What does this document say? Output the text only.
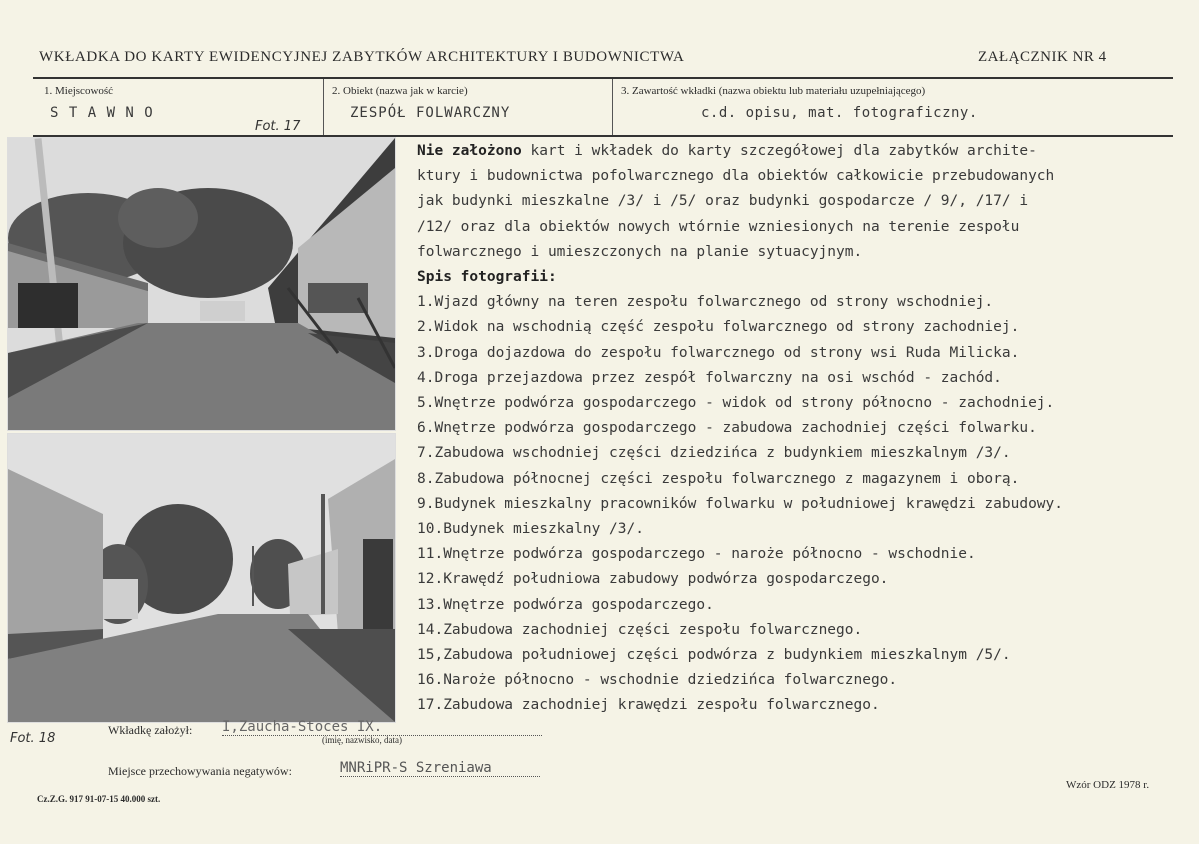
WKŁADKA DO KARTY EWIDENCYJNEJ ZABYTKÓW ARCHITEKTURY I BUDOWNICTWA	ZAŁĄCZNIK NR 4
1. Miejscowość
S T A W N O
Fot. 17
2. Obiekt (nazwa jak w karcie)
ZESPÓŁ FOLWARCZNY
3. Zawartość wkładki (nazwa obiektu lub materiału uzupełniającego)
c.d. opisu, mat. fotograficzny.
Nie założono kart i wkładek do karty szczegółowej dla zabytków archite-
ktury i budownictwa pofolwarcznego dla obiektów całkowicie przebudowanych
jak budynki mieszkalne /3/ i /5/ oraz budynki gospodarcze / 9/, /17/ i
/12/ oraz dla obiektów nowych wtórnie wzniesionych na terenie zespołu
folwarcznego i umieszczonych na planie sytuacyjnym.
Spis fotografii:
1.Wjazd główny na teren zespołu folwarcznego od strony wschodniej.
2.Widok na wschodnią część zespołu folwarcznego od strony zachodniej.
3.Droga dojazdowa do zespołu folwarcznego od strony wsi Ruda Milicka.
4.Droga przejazdowa przez zespół folwarczny na osi wschód - zachód.
5.Wnętrze podwórza gospodarczego - widok od strony północno - zachodniej.
6.Wnętrze podwórza gospodarczego - zabudowa zachodniej części folwarku.
7.Zabudowa wschodniej części dziedzińca z budynkiem mieszkalnym /3/.
8.Zabudowa północnej części zespołu folwarcznego z magazynem i oborą.
9.Budynek mieszkalny pracowników folwarku w południowej krawędzi zabudowy.
10.Budynek mieszkalny /3/.
11.Wnętrze podwórza gospodarczego - naroże północno - wschodnie.
12.Krawędź południowa zabudowy podwórza gospodarczego.
13.Wnętrze podwórza gospodarczego.
14.Zabudowa zachodniej części zespołu folwarcznego.
15,Zabudowa południowej części podwórza z budynkiem mieszkalnym /5/.
16.Naroże północno - wschodnie dziedzińca folwarcznego.
17.Zabudowa zachodniej krawędzi zespołu folwarcznego.
Fot. 18
Wkładkę założył: I,Zaucha-Stoces IX.
(imię, nazwisko, data)
Miejsce przechowywania negatywów:	MNRiPR-S Szreniawa
Cz.Z.G. 917 91-07-15 40.000 szt.
Wzór ODZ 1978 r.
